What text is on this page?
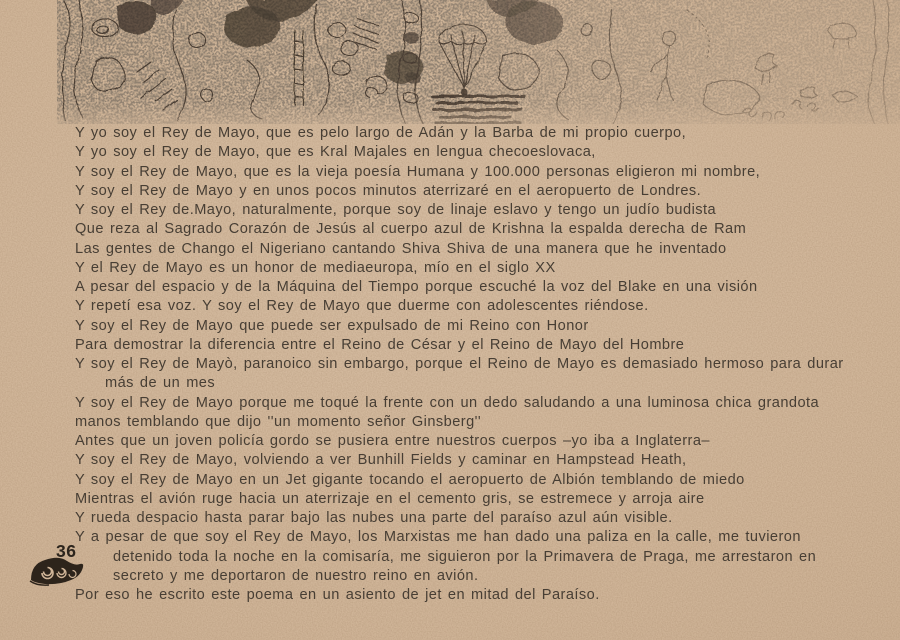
Y yo soy el Rey de Mayo, que es pelo largo de Adán y la Barba de mi propio cuerpo,
Y yo soy el Rey de Mayo, que es Kral Majales en lengua checoeslovaca,
Y soy el Rey de Mayo, que es la vieja poesía Humana y 100.000 personas eligieron mi nombre,
Y soy el Rey de Mayo y en unos pocos minutos aterrizaré en el aeropuerto de Londres.
Y soy el Rey de.Mayo, naturalmente, porque soy de linaje eslavo y tengo un judío budista
Que reza al Sagrado Corazón de Jesús al cuerpo azul de Krishna la espalda derecha de Ram
Las gentes de Chango el Nigeriano cantando Shiva Shiva de una manera que he inventado
Y el Rey de Mayo es un honor de mediaeuropa, mío en el siglo XX
A pesar del espacio y de la Máquina del Tiempo porque escuché la voz del Blake en una visión
Y repetí esa voz. Y soy el Rey de Mayo que duerme con adolescentes riéndose.
Y soy el Rey de Mayo que puede ser expulsado de mi Reino con Honor
Para demostrar la diferencia entre el Reino de César y el Reino de Mayo del Hombre
Y soy el Rey de Mayò, paranoico sin embargo, porque el Reino de Mayo es demasiado hermoso para durar
más de un mes
Y soy el Rey de Mayo porque me toqué la frente con un dedo saludando a una luminosa chica grandota
manos temblando que dijo ''un momento señor Ginsberg''
Antes que un joven policía gordo se pusiera entre nuestros cuerpos –yo iba a Inglaterra–
Y soy el Rey de Mayo, volviendo a ver Bunhill Fields y caminar en Hampstead Heath,
Y soy el Rey de Mayo en un Jet gigante tocando el aeropuerto de Albión temblando de miedo
Mientras el avión ruge hacia un aterrizaje en el cemento gris, se estremece y arroja aire
Y rueda despacio hasta parar bajo las nubes una parte del paraíso azul aún visible.
Y a pesar de que soy el Rey de Mayo, los Marxistas me han dado una paliza en la calle, me tuvieron
detenido toda la noche en la comisaría, me siguieron por la Primavera de Praga, me arrestaron en
secreto y me deportaron de nuestro reino en avión.
Por eso he escrito este poema en un asiento de jet en mitad del Paraíso.
36
